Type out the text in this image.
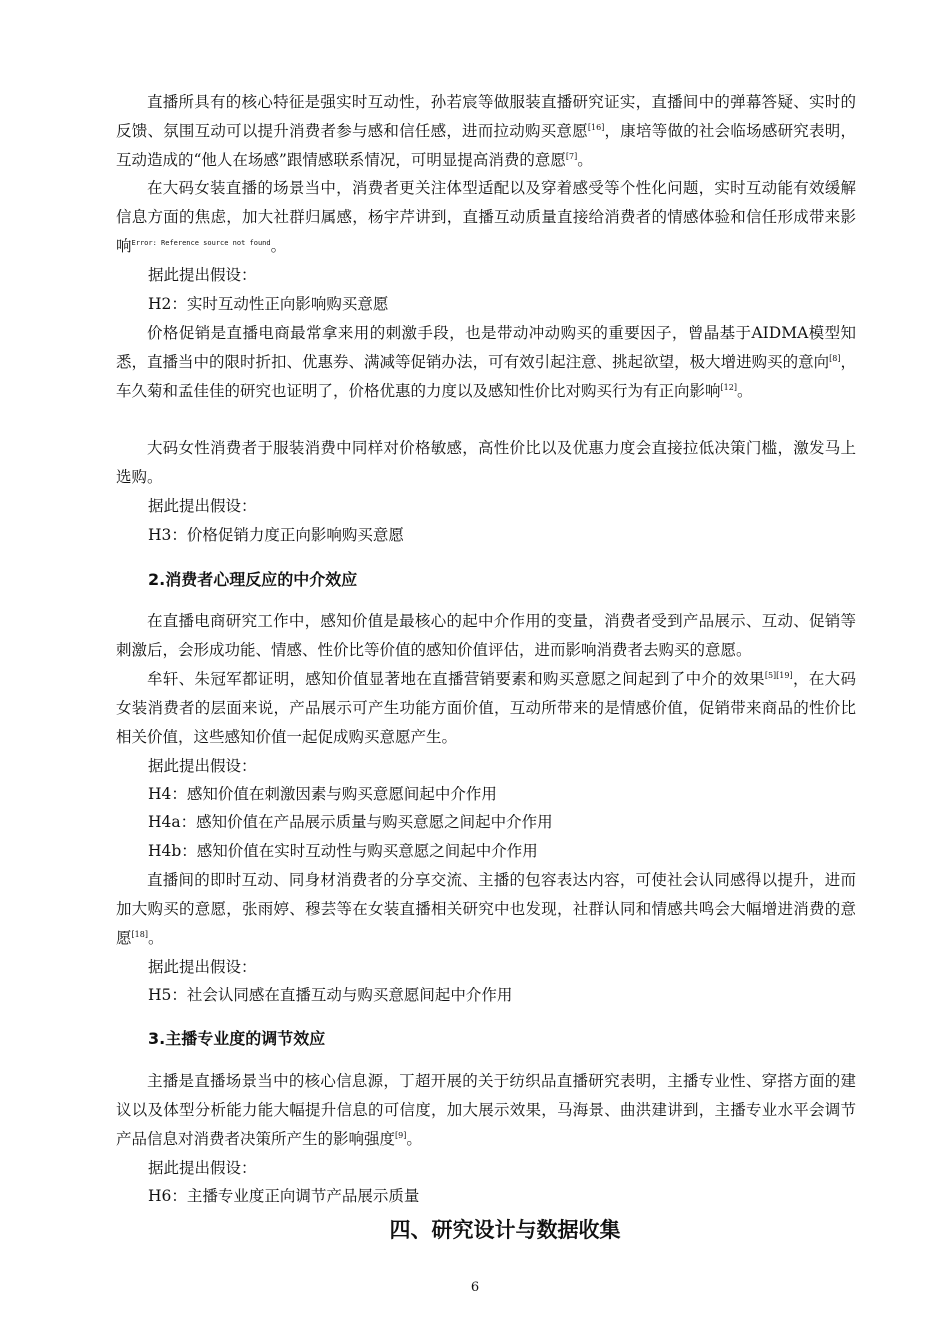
直播所具有的核心特征是强实时互动性，孙若宸等做服装直播研究证实，直播间中的弹幕答疑、实时的反馈、氛围互动可以提升消费者参与感和信任感，进而拉动购买意愿[16]，康培等做的社会临场感研究表明，互动造成的“他人在场感”跟情感联系情况，可明显提高消费的意愿[7]。

在大码女装直播的场景当中，消费者更关注体型适配以及穿着感受等个性化问题，实时互动能有效缓解信息方面的焦虑，加大社群归属感，杨宇芹讲到，直播互动质量直接给消费者的情感体验和信任形成带来影响$^{Error: Reference source not found}$。

据此提出假设：

H2：实时互动性正向影响购买意愿

价格促销是直播电商最常拿来用的刺激手段，也是带动冲动购买的重要因子，曾晶基于AIDMA模型知悉，直播当中的限时折扣、优惠券、满减等促销办法，可有效引起注意、挑起欲望，极大增进购买的意向[8]，车久菊和孟佳佳的研究也证明了，价格优惠的力度以及感知性价比对购买行为有正向影响[12]。

大码女性消费者于服装消费中同样对价格敏感，高性价比以及优惠力度会直接拉低决策门槛，激发马上选购。

据此提出假设：

H3：价格促销力度正向影响购买意愿

2.消费者心理反应的中介效应

在直播电商研究工作中，感知价值是最核心的起中介作用的变量，消费者受到产品展示、互动、促销等刺激后，会形成功能、情感、性价比等价值的感知价值评估，进而影响消费者去购买的意愿。

牟轩、朱冠军都证明，感知价值显著地在直播营销要素和购买意愿之间起到了中介的效果[5][19]，在大码女装消费者的层面来说，产品展示可产生功能方面价值，互动所带来的是情感价值，促销带来商品的性价比相关价值，这些感知价值一起促成购买意愿产生。

据此提出假设：

H4：感知价值在刺激因素与购买意愿间起中介作用

H4a：感知价值在产品展示质量与购买意愿之间起中介作用

H4b：感知价值在实时互动性与购买意愿之间起中介作用

直播间的即时互动、同身材消费者的分享交流、主播的包容表达内容，可使社会认同感得以提升，进而加大购买的意愿，张雨婷、穆芸等在女装直播相关研究中也发现，社群认同和情感共鸣会大幅增进消费的意愿[18]。

据此提出假设：

H5：社会认同感在直播互动与购买意愿间起中介作用

3.主播专业度的调节效应

主播是直播场景当中的核心信息源，丁超开展的关于纺织品直播研究表明，主播专业性、穿搭方面的建议以及体型分析能力能大幅提升信息的可信度，加大展示效果，马海景、曲洪建讲到，主播专业水平会调节产品信息对消费者决策所产生的影响强度[9]。

据此提出假设：

H6：主播专业度正向调节产品展示质量

四、研究设计与数据收集

6
